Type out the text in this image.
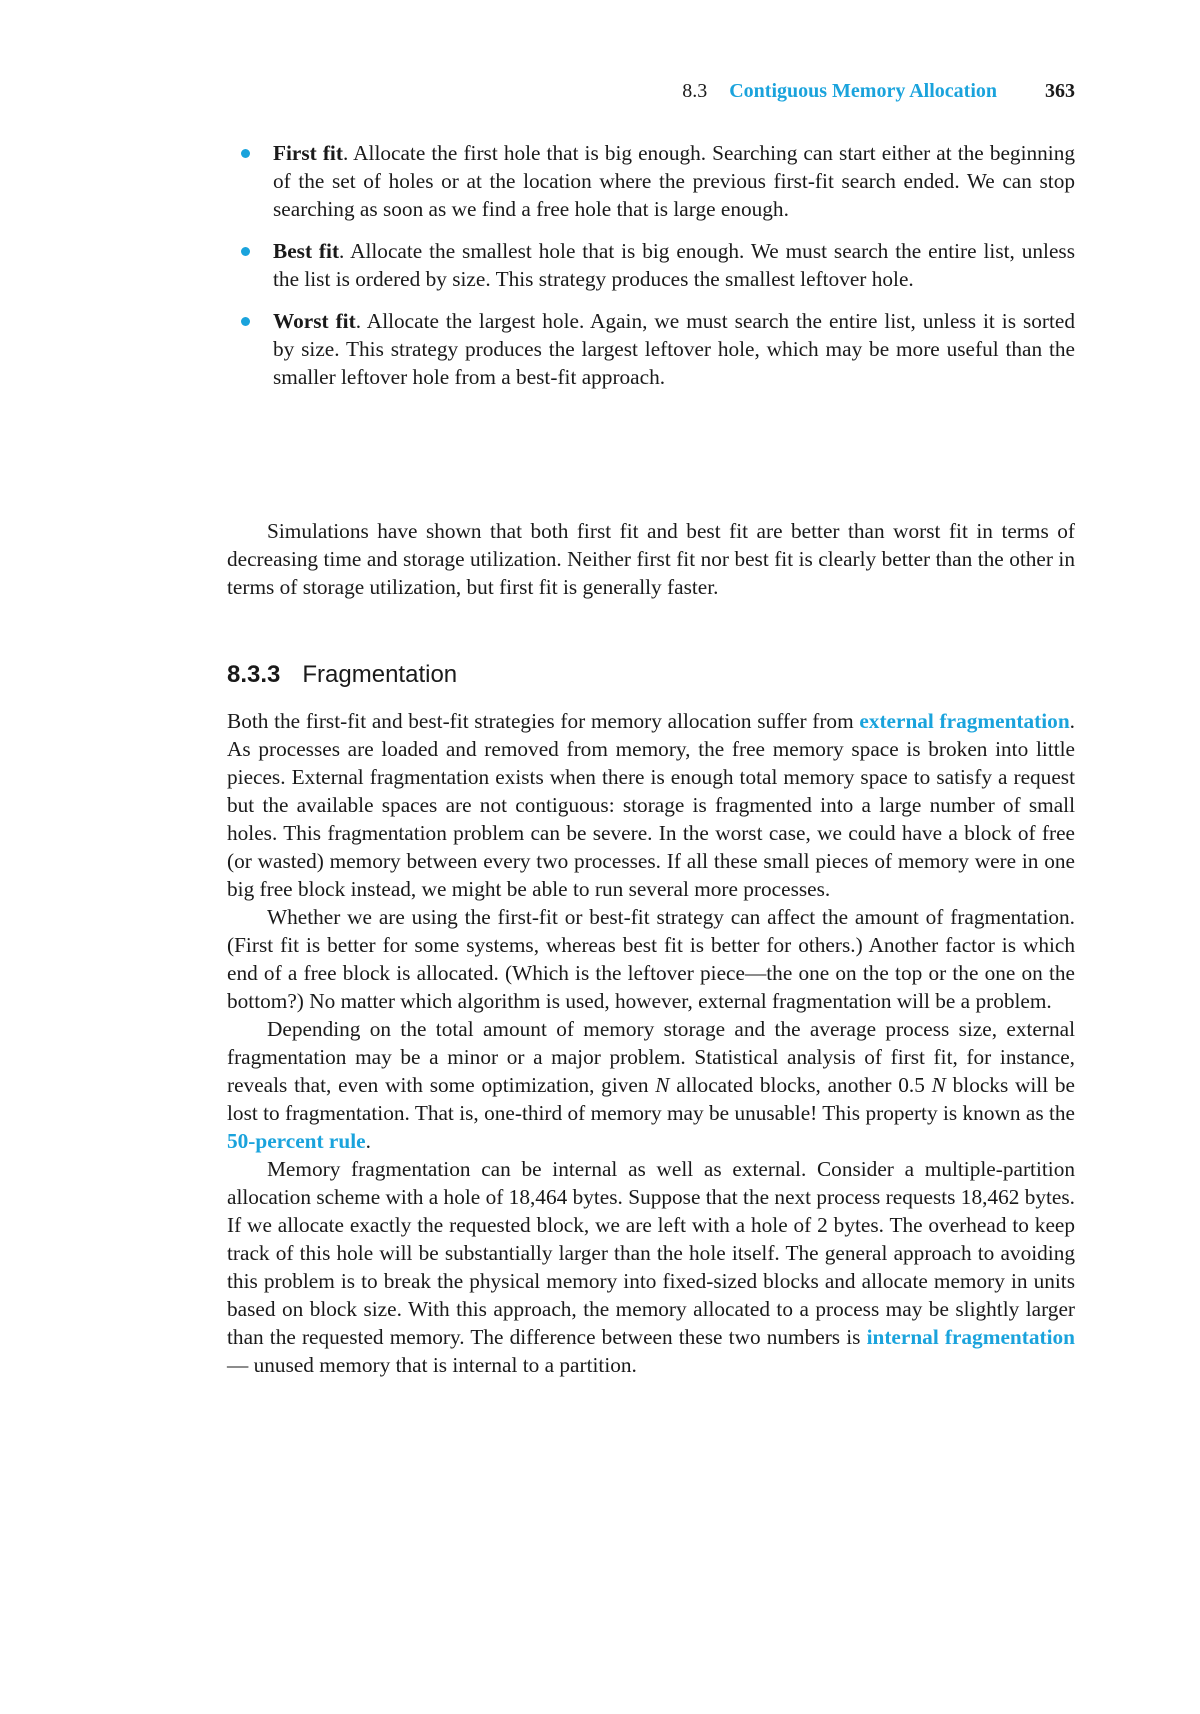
8.3 Contiguous Memory Allocation 363
First fit. Allocate the first hole that is big enough. Searching can start either at the beginning of the set of holes or at the location where the previous first-fit search ended. We can stop searching as soon as we find a free hole that is large enough.
Best fit. Allocate the smallest hole that is big enough. We must search the entire list, unless the list is ordered by size. This strategy produces the smallest leftover hole.
Worst fit. Allocate the largest hole. Again, we must search the entire list, unless it is sorted by size. This strategy produces the largest leftover hole, which may be more useful than the smaller leftover hole from a best-fit approach.

Simulations have shown that both first fit and best fit are better than worst fit in terms of decreasing time and storage utilization. Neither first fit nor best fit is clearly better than the other in terms of storage utilization, but first fit is generally faster.

8.3.3 Fragmentation

Both the first-fit and best-fit strategies for memory allocation suffer from external fragmentation. As processes are loaded and removed from memory, the free memory space is broken into little pieces. External fragmentation exists when there is enough total memory space to satisfy a request but the available spaces are not contiguous: storage is fragmented into a large number of small holes. This fragmentation problem can be severe. In the worst case, we could have a block of free (or wasted) memory between every two processes. If all these small pieces of memory were in one big free block instead, we might be able to run several more processes.

Whether we are using the first-fit or best-fit strategy can affect the amount of fragmentation. (First fit is better for some systems, whereas best fit is better for others.) Another factor is which end of a free block is allocated. (Which is the leftover piece—the one on the top or the one on the bottom?) No matter which algorithm is used, however, external fragmentation will be a problem.

Depending on the total amount of memory storage and the average process size, external fragmentation may be a minor or a major problem. Statistical analysis of first fit, for instance, reveals that, even with some optimization, given N allocated blocks, another 0.5 N blocks will be lost to fragmentation. That is, one-third of memory may be unusable! This property is known as the 50-percent rule.

Memory fragmentation can be internal as well as external. Consider a multiple-partition allocation scheme with a hole of 18,464 bytes. Suppose that the next process requests 18,462 bytes. If we allocate exactly the requested block, we are left with a hole of 2 bytes. The overhead to keep track of this hole will be substantially larger than the hole itself. The general approach to avoiding this problem is to break the physical memory into fixed-sized blocks and allocate memory in units based on block size. With this approach, the memory allocated to a process may be slightly larger than the requested memory. The difference between these two numbers is internal fragmentation— unused memory that is internal to a partition.
